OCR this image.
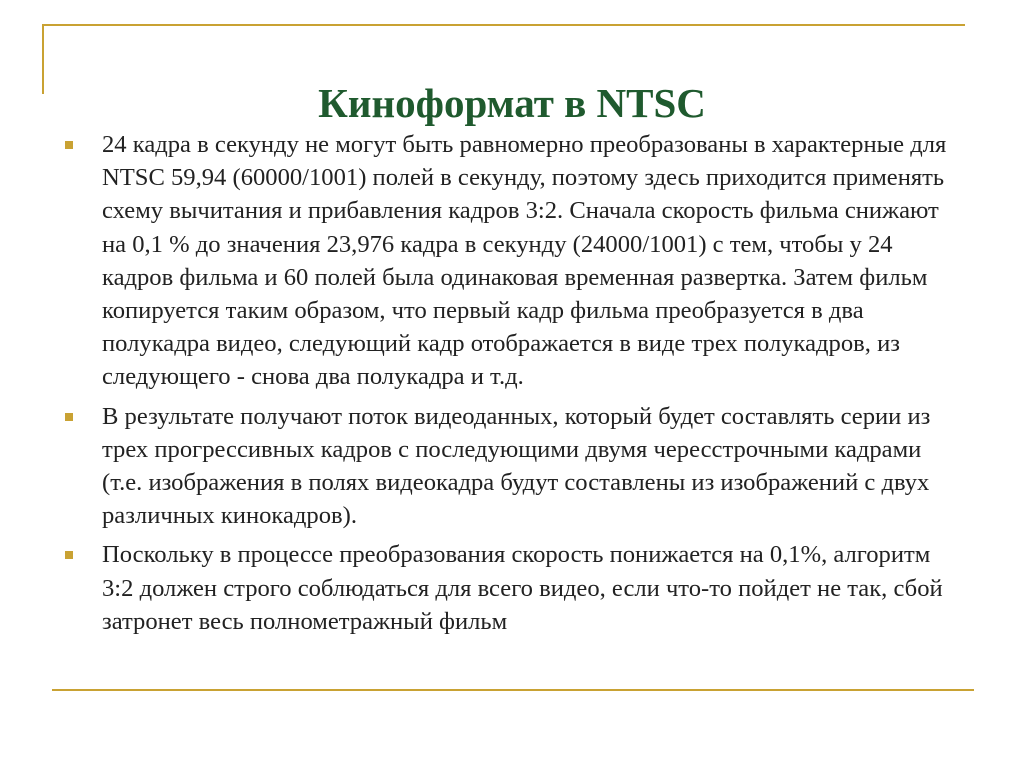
Киноформат в NTSC
24 кадра в секунду не могут быть равномерно преобразованы в характерные для NTSC 59,94 (60000/1001) полей в секунду, поэтому здесь приходится применять схему вычитания и прибавления кадров 3:2. Сначала скорость фильма снижают на 0,1 % до значения 23,976 кадра в секунду (24000/1001) с тем, чтобы у 24 кадров фильма и 60 полей была одинаковая временная развертка. Затем фильм копируется таким образом, что первый кадр фильма преобразуется в два полукадра видео, следующий кадр отображается в виде трех полукадров, из следующего - снова два полукадра и т.д.
В результате получают поток видеоданных, который будет составлять серии из трех прогрессивных кадров с последующими двумя чересстрочными кадрами (т.е. изображения в полях видеокадра будут составлены из изображений с двух различных кинокадров).
Поскольку в процессе преобразования скорость понижается на 0,1%, алгоритм 3:2 должен строго соблюдаться для всего видео, если что-то пойдет не так, сбой затронет весь полнометражный фильм
